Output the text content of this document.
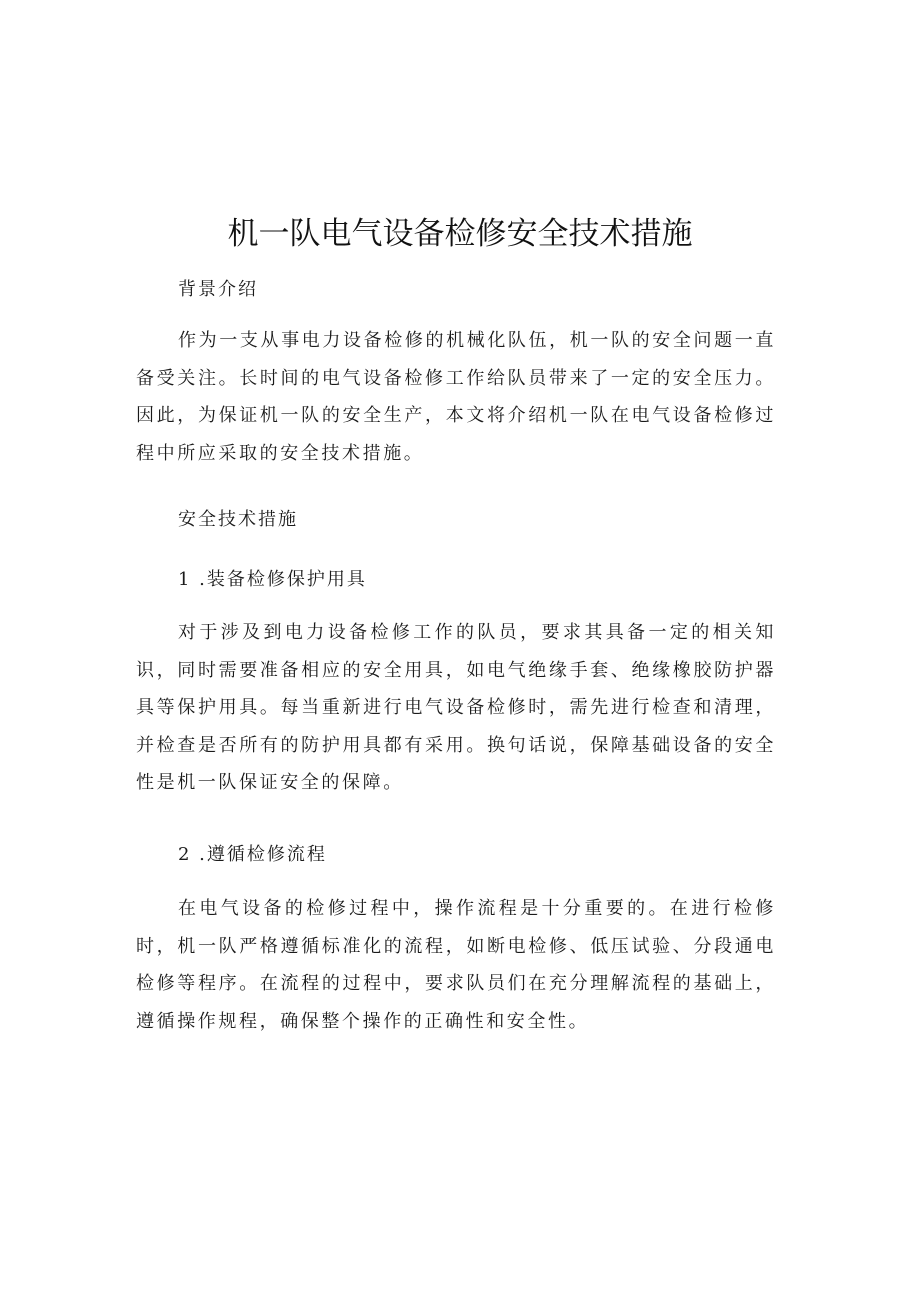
机一队电气设备检修安全技术措施
背景介绍

作为一支从事电力设备检修的机械化队伍，机一队的安全问题一直备受关注。长时间的电气设备检修工作给队员带来了一定的安全压力。因此，为保证机一队的安全生产，本文将介绍机一队在电气设备检修过程中所应采取的安全技术措施。

安全技术措施
1 .装备检修保护用具

对于涉及到电力设备检修工作的队员，要求其具备一定的相关知识，同时需要准备相应的安全用具，如电气绝缘手套、绝缘橡胶防护器具等保护用具。每当重新进行电气设备检修时，需先进行检查和清理，并检查是否所有的防护用具都有采用。换句话说，保障基础设备的安全性是机一队保证安全的保障。

2 .遵循检修流程

在电气设备的检修过程中，操作流程是十分重要的。在进行检修时，机一队严格遵循标准化的流程，如断电检修、低压试验、分段通电检修等程序。在流程的过程中，要求队员们在充分理解流程的基础上，遵循操作规程，确保整个操作的正确性和安全性。
